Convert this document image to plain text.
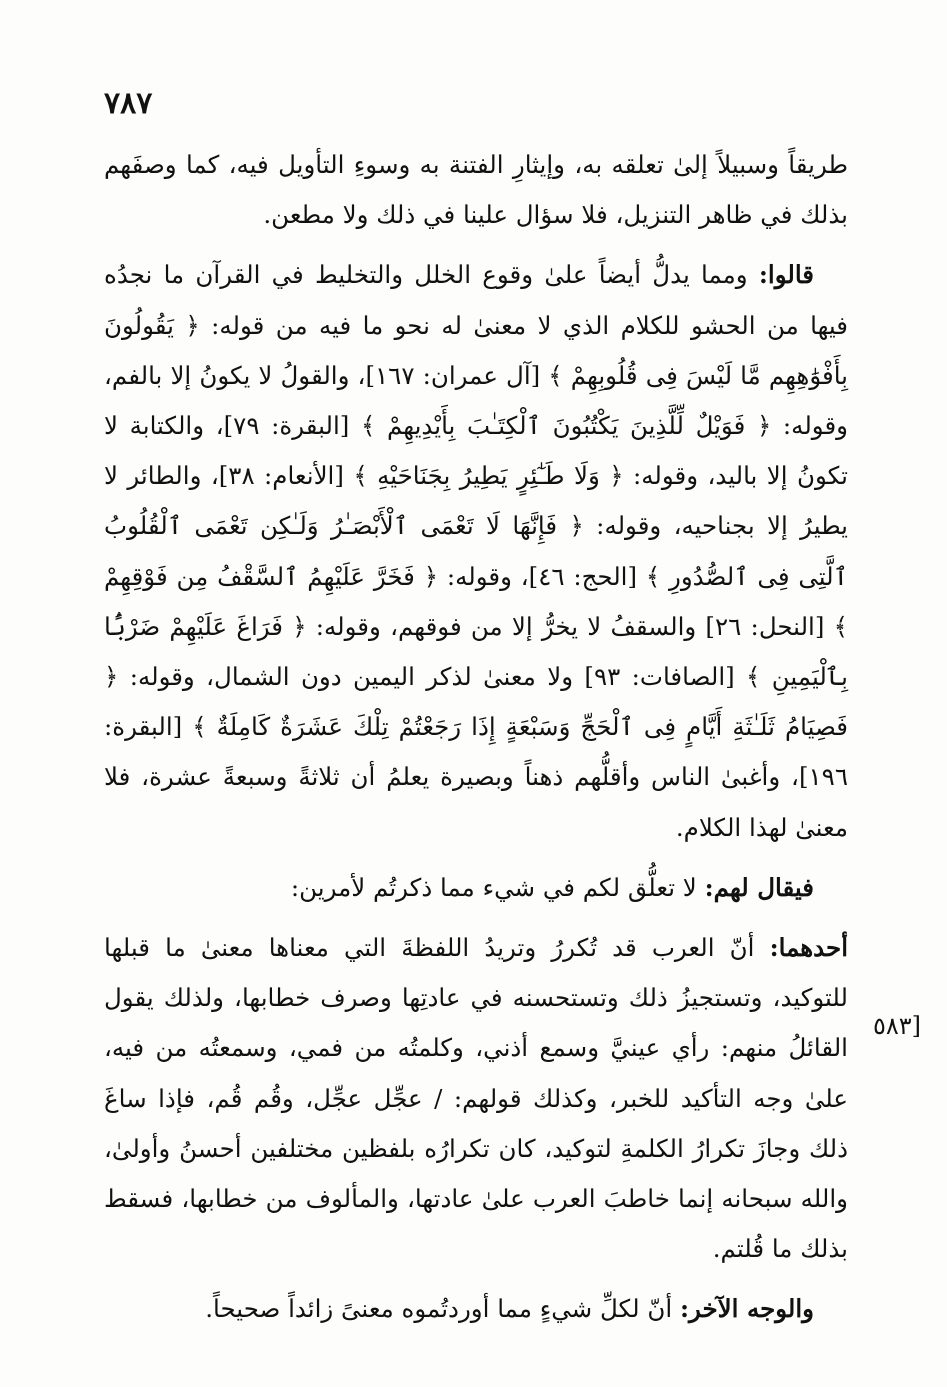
٧٨٧

طريقاً وسبيلاً إلىٰ تعلقه به، وإيثارِ الفتنة به وسوءِ التأويل فيه، كما وصفَهم بذلك في ظاهر التنزيل، فلا سؤال علينا في ذلك ولا مطعن.

قالوا: ومما يدلُّ أيضاً علىٰ وقوع الخلل والتخليط في القرآن ما نجدُه فيها من الحشو للكلام الذي لا معنىٰ له نحو ما فيه من قوله: ﴿ يَقُولُونَ بِأَفْوَٰهِهِم مَّا لَيْسَ فِى قُلُوبِهِمْ ﴾ [آل عمران: ١٦٧]، والقولُ لا يكونُ إلا بالفم، وقوله: ﴿ فَوَيْلٌ لِّلَّذِينَ يَكْتُبُونَ ٱلْكِتَـٰبَ بِأَيْدِيهِمْ ﴾ [البقرة: ٧٩]، والكتابة لا تكونُ إلا باليد، وقوله: ﴿ وَلَا طَـٰٓئِرٍ يَطِيرُ بِجَنَاحَيْهِ ﴾ [الأنعام: ٣٨]، والطائر لا يطيرُ إلا بجناحيه، وقوله: ﴿ فَإِنَّهَا لَا تَعْمَى ٱلْأَبْصَـٰرُ وَلَـٰكِن تَعْمَى ٱلْقُلُوبُ ٱلَّتِى فِى ٱلصُّدُورِ ﴾ [الحج: ٤٦]، وقوله: ﴿ فَخَرَّ عَلَيْهِمُ ٱلسَّقْفُ مِن فَوْقِهِمْ ﴾ [النحل: ٢٦] والسقفُ لا يخرُّ إلا من فوقهم، وقوله: ﴿ فَرَاغَ عَلَيْهِمْ ضَرْبًۢا بِٱلْيَمِينِ ﴾ [الصافات: ٩٣] ولا معنىٰ لذكر اليمين دون الشمال، وقوله: ﴿ فَصِيَامُ ثَلَـٰثَةِ أَيَّامٍ فِى ٱلْحَجِّ وَسَبْعَةٍ إِذَا رَجَعْتُمْ تِلْكَ عَشَرَةٌ كَامِلَةٌ ﴾ [البقرة: ١٩٦]، وأغبىٰ الناس وأقلُّهم ذهناً وبصيرة يعلمُ أن ثلاثةً وسبعةً عشرة، فلا معنىٰ لهذا الكلام.

فيقال لهم: لا تعلُّق لكم في شيء مما ذكرتُم لأمرين:

أحدهما: أنّ العرب قد تُكررُ وتريدُ اللفظةَ التي معناها معنىٰ ما قبلها للتوكيد، وتستجيزُ ذلك وتستحسنه في عادتِها وصرف خطابها، ولذلك يقول القائلُ منهم: رأي عينيَّ وسمع أذني، وكلمتُه من فمي، وسمعتُه من فيه، علىٰ وجه التأكيد للخبر، وكذلك قولهم: / عجِّل عجِّل، وقُم قُم، فإذا ساغَ ذلك وجازَ تكرارُ الكلمةِ لتوكيد، كان تكرارُه بلفظين مختلفين أحسنُ وأولىٰ، والله سبحانه إنما خاطبَ العرب علىٰ عادتها، والمألوف من خطابها، فسقط بذلك ما قُلتم.

والوجه الآخر: أنّ لكلِّ شيءٍ مما أوردتُموه معنىً زائداً صحيحاً.

[٥٨٣
